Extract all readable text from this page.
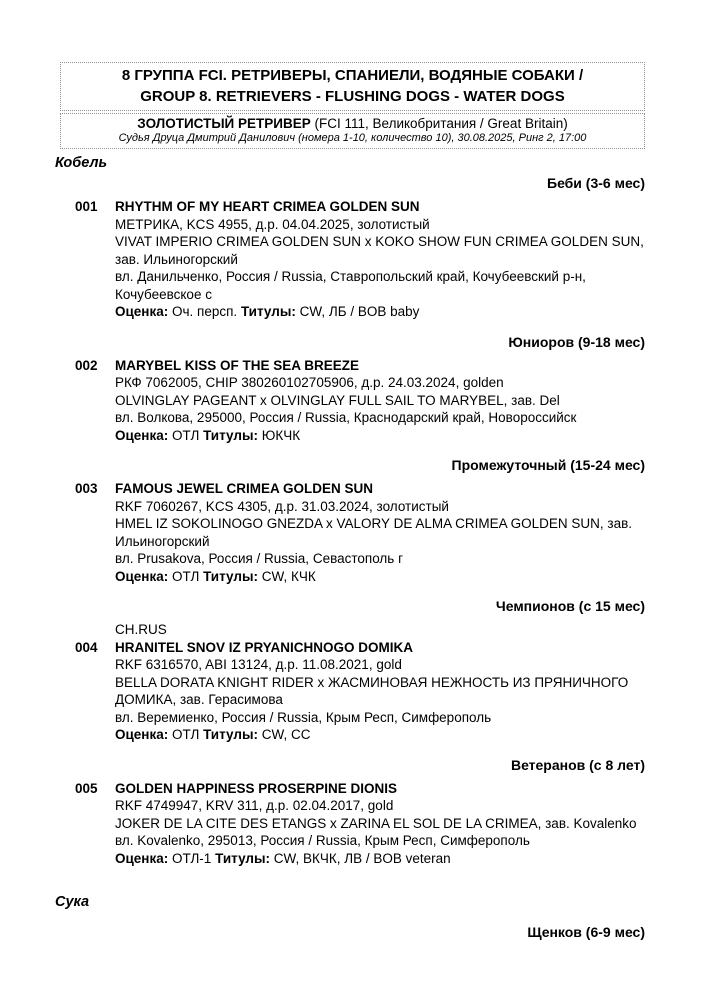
8 ГРУППА FCI. РЕТРИВЕРЫ, СПАНИЕЛИ, ВОДЯНЫЕ СОБАКИ /
GROUP 8. RETRIEVERS - FLUSHING DOGS - WATER DOGS
ЗОЛОТИСТЫЙ РЕТРИВЕР (FCI 111, Великобритания / Great Britain)
Судья Друца Дмитрий Данилович (номера 1-10, количество 10), 30.08.2025, Ринг 2, 17:00
Кобель
Беби (3-6 мес)
001	RHYTHM OF MY HEART CRIMEA GOLDEN SUN
МЕТРИКА, KCS 4955, д.р. 04.04.2025, золотистый
VIVAT IMPERIO CRIMEA GOLDEN SUN x KOKO SHOW FUN CRIMEA GOLDEN SUN, зав. Ильиногорский
вл. Данильченко, Россия / Russia, Ставропольский край, Кочубеевский р-н, Кочубеевское с
Оценка: Оч. персп. Титулы: CW, ЛБ / BOB baby
Юниоров (9-18 мес)
002	MARYBEL KISS OF THE SEA BREEZE
РКФ 7062005, CHIP 380260102705906, д.р. 24.03.2024, golden
OLVINGLAY PAGEANT x OLVINGLAY FULL SAIL TO MARYBEL, зав. Del
вл. Волкова, 295000, Россия / Russia, Краснодарский край, Новороссийск
Оценка: ОТЛ Титулы: ЮКЧК
Промежуточный (15-24 мес)
003	FAMOUS JEWEL CRIMEA GOLDEN SUN
RKF 7060267, KCS 4305, д.р. 31.03.2024, золотистый
HMEL IZ SOKOLINOGO GNEZDA x VALORY DE ALMA CRIMEA GOLDEN SUN, зав. Ильиногорский
вл. Prusakova, Россия / Russia, Севастополь г
Оценка: ОТЛ Титулы: CW, КЧК
Чемпионов (с 15 мес)
CH.RUS
004	HRANITEL SNOV IZ PRYANICHNOGO DOMIKA
RKF 6316570, ABI 13124, д.р. 11.08.2021, gold
BELLA DORATA KNIGHT RIDER x ЖАСМИНОВАЯ НЕЖНОСТЬ ИЗ ПРЯНИЧНОГО ДОМИКА, зав. Герасимова
вл. Веремиенко, Россия / Russia, Крым Респ, Симферополь
Оценка: ОТЛ Титулы: CW, CC
Ветеранов (с 8 лет)
005	GOLDEN HAPPINESS PROSERPINE DIONIS
RKF 4749947, KRV 311, д.р. 02.04.2017, gold
JOKER DE LA CITE DES ETANGS x ZARINA EL SOL DE LA CRIMEA, зав. Kovalenko
вл. Kovalenko, 295013, Россия / Russia, Крым Респ, Симферополь
Оценка: ОТЛ-1 Титулы: CW, ВКЧК, ЛВ / BOB veteran
Сука
Щенков (6-9 мес)
